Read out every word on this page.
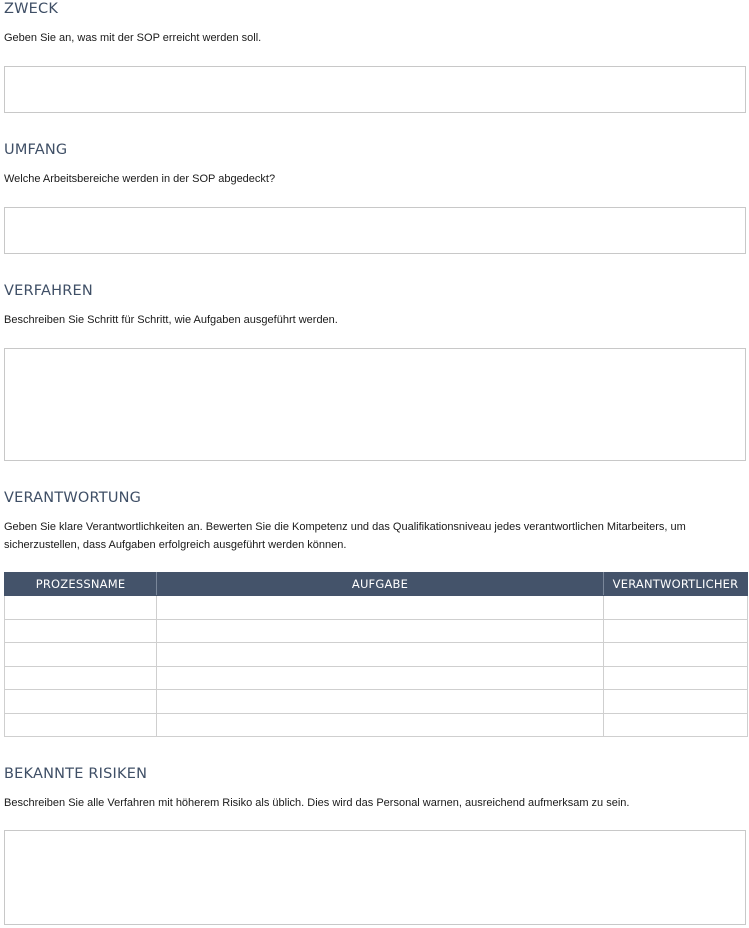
ZWECK

Geben Sie an, was mit der SOP erreicht werden soll.

UMFANG

Welche Arbeitsbereiche werden in der SOP abgedeckt?

VERFAHREN

Beschreiben Sie Schritt für Schritt, wie Aufgaben ausgeführt werden.

VERANTWORTUNG

Geben Sie klare Verantwortlichkeiten an. Bewerten Sie die Kompetenz und das Qualifikationsniveau jedes verantwortlichen Mitarbeiters, um sicherzustellen, dass Aufgaben erfolgreich ausgeführt werden können.

PROZESSNAME	AUFGABE	VERANTWORTLICHER

BEKANNTE RISIKEN

Beschreiben Sie alle Verfahren mit höherem Risiko als üblich. Dies wird das Personal warnen, ausreichend aufmerksam zu sein.
